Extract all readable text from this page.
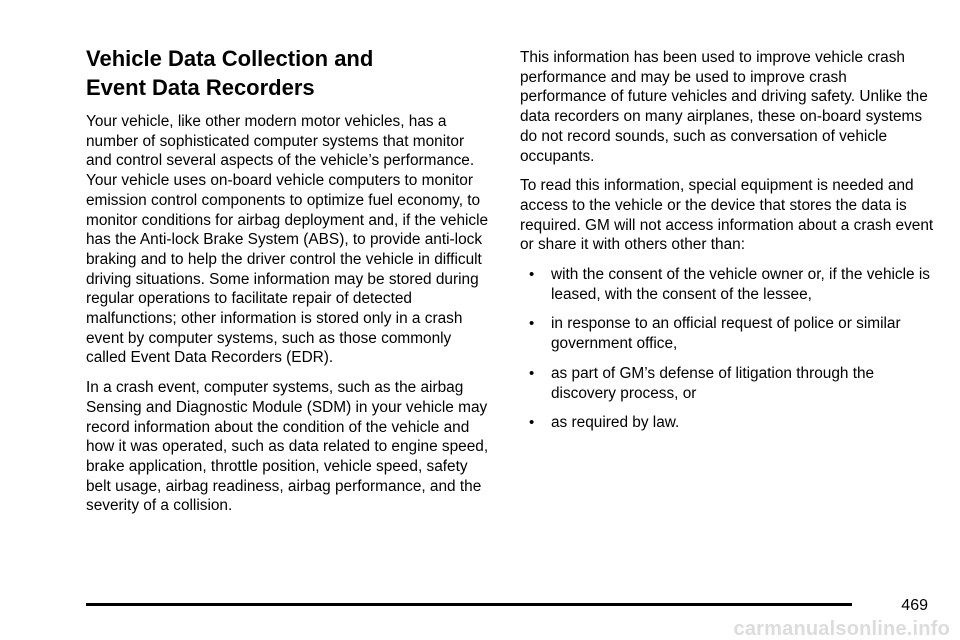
Vehicle Data Collection and
Event Data Recorders

Your vehicle, like other modern motor vehicles, has a number of sophisticated computer systems that monitor and control several aspects of the vehicle’s performance. Your vehicle uses on-board vehicle computers to monitor emission control components to optimize fuel economy, to monitor conditions for airbag deployment and, if the vehicle has the Anti-lock Brake System (ABS), to provide anti-lock braking and to help the driver control the vehicle in difficult driving situations. Some information may be stored during regular operations to facilitate repair of detected malfunctions; other information is stored only in a crash event by computer systems, such as those commonly called Event Data Recorders (EDR).

In a crash event, computer systems, such as the airbag Sensing and Diagnostic Module (SDM) in your vehicle may record information about the condition of the vehicle and how it was operated, such as data related to engine speed, brake application, throttle position, vehicle speed, safety belt usage, airbag readiness, airbag performance, and the severity of a collision.

This information has been used to improve vehicle crash performance and may be used to improve crash performance of future vehicles and driving safety. Unlike the data recorders on many airplanes, these on-board systems do not record sounds, such as conversation of vehicle occupants.

To read this information, special equipment is needed and access to the vehicle or the device that stores the data is required. GM will not access information about a crash event or share it with others other than:

• with the consent of the vehicle owner or, if the vehicle is leased, with the consent of the lessee,
• in response to an official request of police or similar government office,
• as part of GM’s defense of litigation through the discovery process, or
• as required by law.
469
carmanualsonline.info
